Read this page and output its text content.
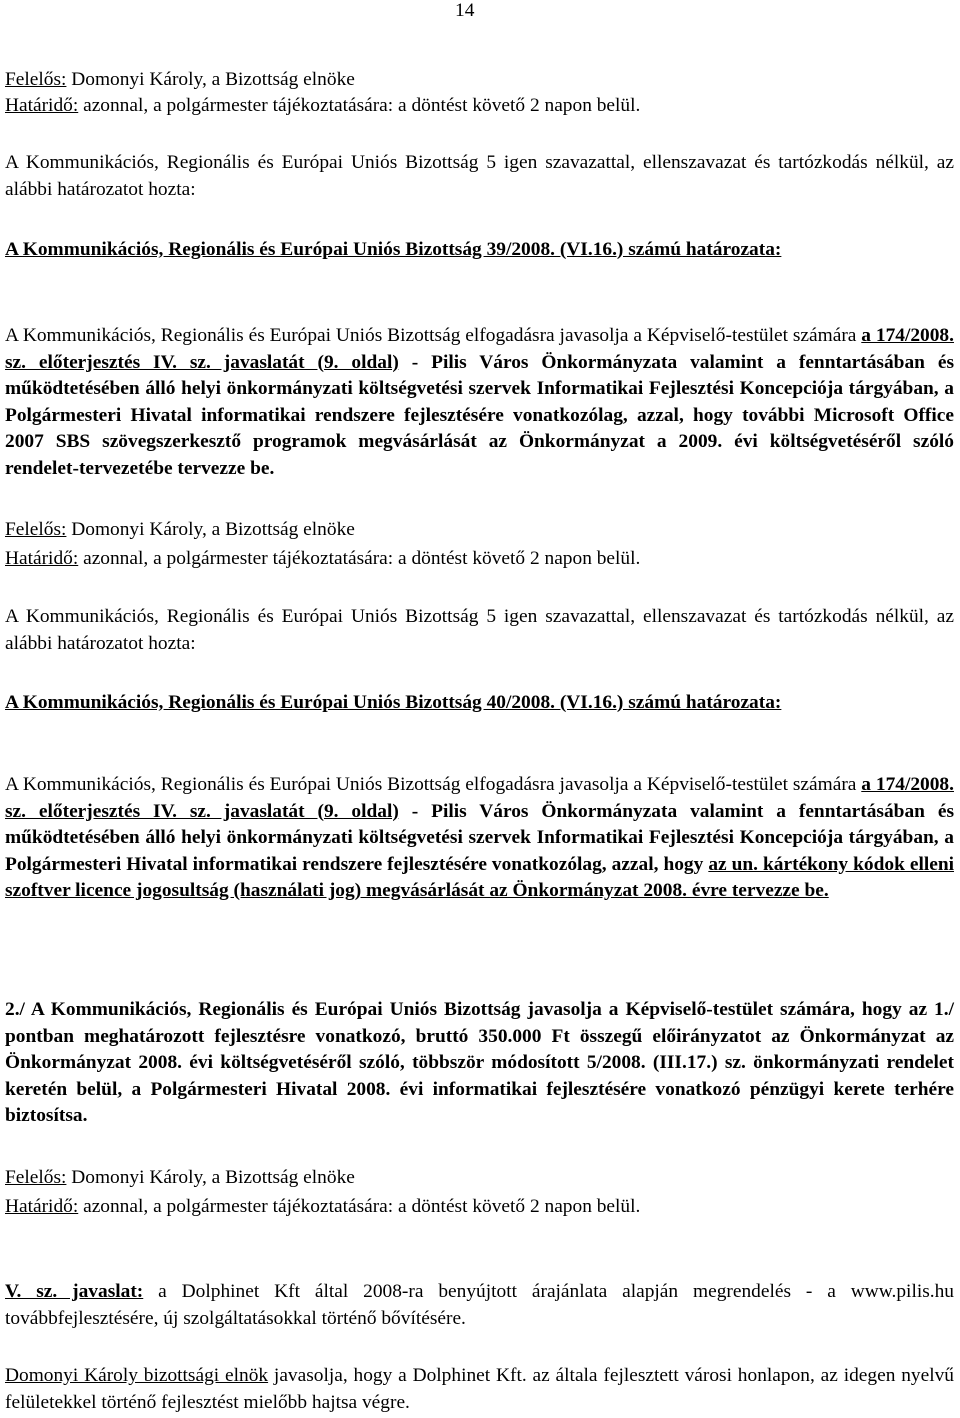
14

Felelős: Domonyi Károly, a Bizottság elnöke

Határidő: azonnal, a polgármester tájékoztatására: a döntést követő 2 napon belül.

A Kommunikációs, Regionális és Európai Uniós Bizottság 5 igen szavazattal, ellenszavazat és tartózkodás nélkül, az alábbi határozatot hozta:

A Kommunikációs, Regionális és Európai Uniós Bizottság 39/2008. (VI.16.) számú határozata:

A Kommunikációs, Regionális és Európai Uniós Bizottság elfogadásra javasolja a Képviselő-testület számára a 174/2008. sz. előterjesztés IV. sz. javaslatát (9. oldal) - Pilis Város Önkormányzata valamint a fenntartásában és működtetésében álló helyi önkormányzati költségvetési szervek Informatikai Fejlesztési Koncepciója tárgyában, a Polgármesteri Hivatal informatikai rendszere fejlesztésére vonatkozólag, azzal, hogy további Microsoft Office 2007 SBS szövegszerkesztő programok megvásárlását az Önkormányzat a 2009. évi költségvetéséről szóló rendelet-tervezetébe tervezze be.

Felelős: Domonyi Károly, a Bizottság elnöke

Határidő: azonnal, a polgármester tájékoztatására: a döntést követő 2 napon belül.

A Kommunikációs, Regionális és Európai Uniós Bizottság 5 igen szavazattal, ellenszavazat és tartózkodás nélkül, az alábbi határozatot hozta:

A Kommunikációs, Regionális és Európai Uniós Bizottság 40/2008. (VI.16.) számú határozata:

A Kommunikációs, Regionális és Európai Uniós Bizottság elfogadásra javasolja a Képviselő-testület számára a 174/2008. sz. előterjesztés IV. sz. javaslatát (9. oldal) - Pilis Város Önkormányzata valamint a fenntartásában és működtetésében álló helyi önkormányzati költségvetési szervek Informatikai Fejlesztési Koncepciója tárgyában, a Polgármesteri Hivatal informatikai rendszere fejlesztésére vonatkozólag, azzal, hogy az un. kártékony kódok elleni szoftver licence jogosultság (használati jog) megvásárlását az Önkormányzat 2008. évre tervezze be.

2./ A Kommunikációs, Regionális és Európai Uniós Bizottság javasolja a Képviselő-testület számára, hogy az 1./ pontban meghatározott fejlesztésre vonatkozó, bruttó 350.000 Ft összegű előirányzatot az Önkormányzat az Önkormányzat 2008. évi költségvetéséről szóló, többször módosított 5/2008. (III.17.) sz. önkormányzati rendelet keretén belül, a Polgármesteri Hivatal 2008. évi informatikai fejlesztésére vonatkozó pénzügyi kerete terhére biztosítsa.

Felelős: Domonyi Károly, a Bizottság elnöke

Határidő: azonnal, a polgármester tájékoztatására: a döntést követő 2 napon belül.

V. sz. javaslat: a Dolphinet Kft által 2008-ra benyújtott árajánlata alapján megrendelés - a www.pilis.hu továbbfejlesztésére, új szolgáltatásokkal történő bővítésére.

Domonyi Károly bizottsági elnök javasolja, hogy a Dolphinet Kft. az általa fejlesztett városi honlapon, az idegen nyelvű felületekkel történő fejlesztést mielőbb hajtsa végre.
